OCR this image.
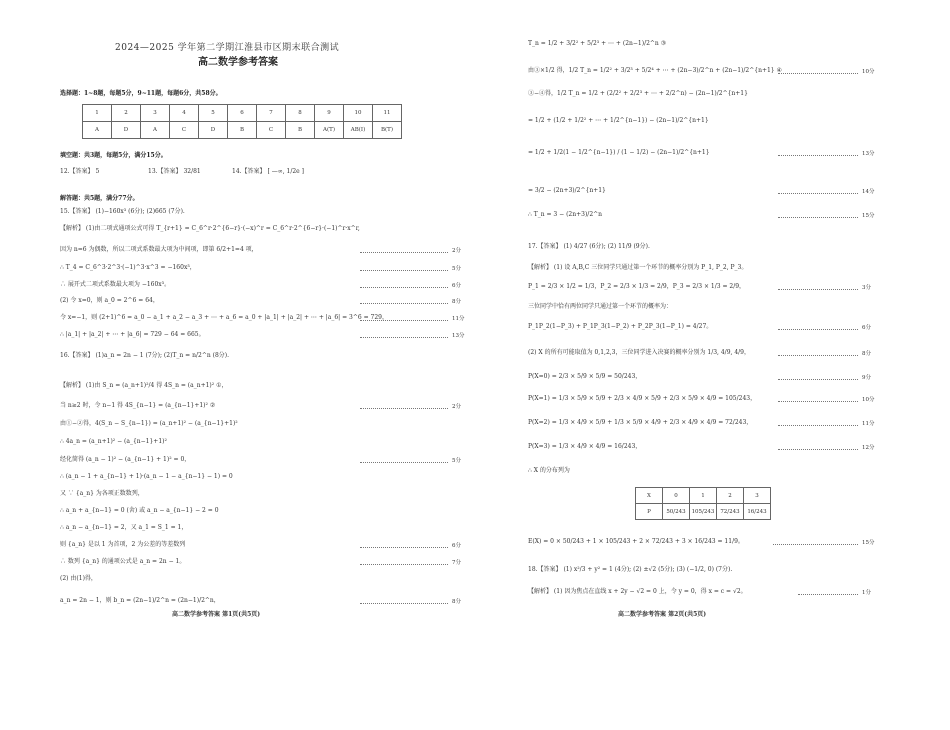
2024—2025 学年第二学期江淮县市区期末联合测试
高二数学参考答案
选择题：1~8题，每题5分，9~11题，每题6分，共58分。
1	2	3	4	5	6	7	8	9	10	11
A	D	A	C	D	B	C	B	A(T)	AB(I)	B(T)
填空题：共3题，每题5分，满分15分。
12.【答案】 5	13.【答案】 32/81	14.【答案】 [ —∞, 1/2e ]
解答题：共5题，满分77分。
15.【答案】 (1)−160x³ (6分); (2)665 (7分).
【解析】 (1)由二项式通项公式可得 T_{r+1} = C_6^r·2^{6−r}·(−x)^r = C_6^r·2^{6−r}·(−1)^r·x^r,
因为 n=6 为偶数，所以二项式系数最大项为中间项，即第 6/2+1=4 项，	2分
∴ T_4 = C_6^3·2^3·(−1)^3·x^3 = −160x³，	5分
∴ 展开式二项式系数最大项为 −160x³。	6分
(2) 令 x=0，则 a_0 = 2^6 = 64，	8分
令 x=−1，则 (2+1)^6 = a_0 − a_1 + a_2 − a_3 + ⋯ + a_6 = a_0 + |a_1| + |a_2| + ⋯ + |a_6| = 3^6 = 729，	11分
∴ |a_1| + |a_2| + ⋯ + |a_6| = 729 − 64 = 665。	13分
16.【答案】 (1)a_n = 2n − 1 (7分); (2)T_n = n/2^n (8分).
【解析】 (1)由 S_n = (a_n+1)²/4 得 4S_n = (a_n+1)² ①，
当 n≥2 时，令 n−1 得 4S_{n−1} = (a_{n−1}+1)² ②	2分
由①−②得，4(S_n − S_{n−1}) = (a_n+1)² − (a_{n−1}+1)²
∴ 4a_n = (a_n+1)² − (a_{n−1}+1)²
经化简得 (a_n − 1)² − (a_{n−1} + 1)² = 0，	5分
∴ (a_n − 1 + a_{n−1} + 1)·(a_n − 1 − a_{n−1} − 1) = 0
又 ∵ {a_n} 为各项正数数列，
∴ a_n + a_{n−1} = 0 (舍) 或 a_n − a_{n−1} − 2 = 0
∴ a_n − a_{n−1} = 2，又 a_1 = S_1 = 1，
则 {a_n} 是以 1 为首项，2 为公差的等差数列	6分
∴ 数列 {a_n} 的通项公式是 a_n = 2n − 1。	7分
(2) 由(1)得，
a_n = 2n − 1，则 b_n = (2n−1)/2^n = (2n−1)/2^n，	8分
高二数学参考答案 第1页(共5页)
T_n = 1/2 + 3/2² + 5/2³ + ⋯ + (2n−1)/2^n ③
由③×1/2 得，1/2 T_n = 1/2² + 3/2³ + 5/2⁴ + ⋯ + (2n−3)/2^n + (2n−1)/2^{n+1} ④	10分
③−④得，1/2 T_n = 1/2 + (2/2² + 2/2³ + ⋯ + 2/2^n) − (2n−1)/2^{n+1}
= 1/2 + (1/2 + 1/2² + ⋯ + 1/2^{n−1}) − (2n−1)/2^{n+1}
= 1/2 + 1/2(1 − 1/2^{n−1}) / (1 − 1/2) − (2n−1)/2^{n+1}	13分
= 3/2 − (2n+3)/2^{n+1}	14分
∴ T_n = 3 − (2n+3)/2^n	15分
17.【答案】 (1) 4/27 (6分); (2) 11/9 (9分).
【解析】 (1) 设 A,B,C 三位同学只通过第一个环节的概率分别为 P_1, P_2, P_3。
P_1 = 2/3 × 1/2 = 1/3，P_2 = 2/3 × 1/3 = 2/9，P_3 = 2/3 × 1/3 = 2/9，	3分
三位同学中恰有两位同学只通过第一个环节的概率为：
P_1P_2(1−P_3) + P_1P_3(1−P_2) + P_2P_3(1−P_1) = 4/27。	6分
(2) X 的所有可能取值为 0,1,2,3，三位同学进入决赛的概率分别为 1/3, 4/9, 4/9，	8分
P(X=0) = 2/3 × 5/9 × 5/9 = 50/243，	9分
P(X=1) = 1/3 × 5/9 × 5/9 + 2/3 × 4/9 × 5/9 + 2/3 × 5/9 × 4/9 = 105/243，	10分
P(X=2) = 1/3 × 4/9 × 5/9 + 1/3 × 5/9 × 4/9 + 2/3 × 4/9 × 4/9 = 72/243，	11分
P(X=3) = 1/3 × 4/9 × 4/9 = 16/243，	12分
∴ X 的分布列为
X	0	1	2	3
P	50/243	105/243	72/243	16/243
E(X) = 0 × 50/243 + 1 × 105/243 + 2 × 72/243 + 3 × 16/243 = 11/9。	15分
18.【答案】 (1) x²/3 + y² = 1 (4分); (2) ±√2 (5分); (3) (−1/2, 0) (7分).
【解析】 (1) 因为焦点在直线 x + 2y − √2 = 0 上，令 y = 0，得 x = c = √2。	1分
高二数学参考答案 第2页(共5页)
